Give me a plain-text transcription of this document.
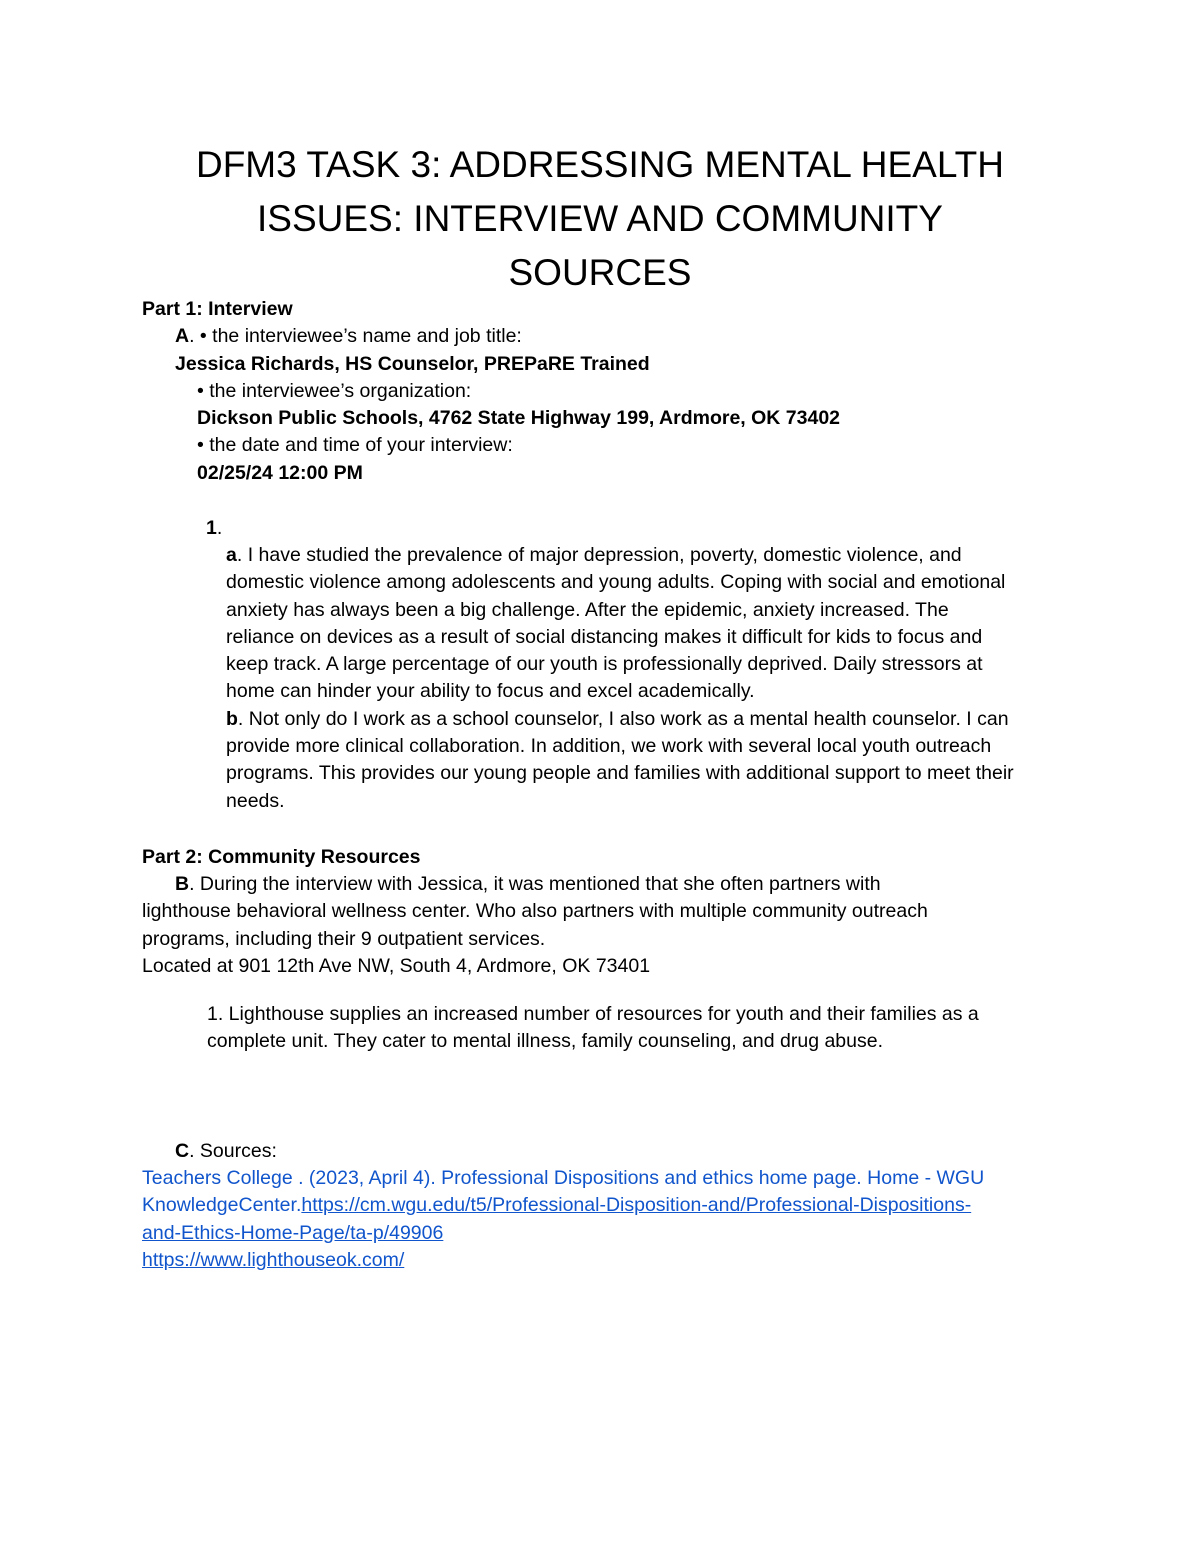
DFM3 TASK 3: ADDRESSING MENTAL HEALTH
ISSUES: INTERVIEW AND COMMUNITY
SOURCES

Part 1: Interview

A. • the interviewee’s name and job title:

Jessica Richards, HS Counselor, PREPaRE Trained

• the interviewee’s organization:

Dickson Public Schools, 4762 State Highway 199, Ardmore, OK 73402

• the date and time of your interview:

02/25/24 12:00 PM

1.

a. I have studied the prevalence of major depression, poverty, domestic violence, and
domestic violence among adolescents and young adults. Coping with social and emotional
anxiety has always been a big challenge. After the epidemic, anxiety increased. The
reliance on devices as a result of social distancing makes it difficult for kids to focus and
keep track. A large percentage of our youth is professionally deprived. Daily stressors at
home can hinder your ability to focus and excel academically.
b. Not only do I work as a school counselor, I also work as a mental health counselor. I can
provide more clinical collaboration. In addition, we work with several local youth outreach
programs. This provides our young people and families with additional support to meet their
needs.

Part 2: Community Resources

B. During the interview with Jessica, it was mentioned that she often partners with
lighthouse behavioral wellness center. Who also partners with multiple community outreach
programs, including their 9 outpatient services.
Located at 901 12th Ave NW, South 4, Ardmore, OK 73401
1. Lighthouse supplies an increased number of resources for youth and their families as a
complete unit. They cater to mental illness, family counseling, and drug abuse.

C. Sources:

Teachers College . (2023, April 4). Professional Dispositions and ethics home page. Home - WGU
KnowledgeCenter.https://cm.wgu.edu/t5/Professional-Disposition-and/Professional-Dispositions-
and-Ethics-Home-Page/ta-p/49906
https://www.lighthouseok.com/
